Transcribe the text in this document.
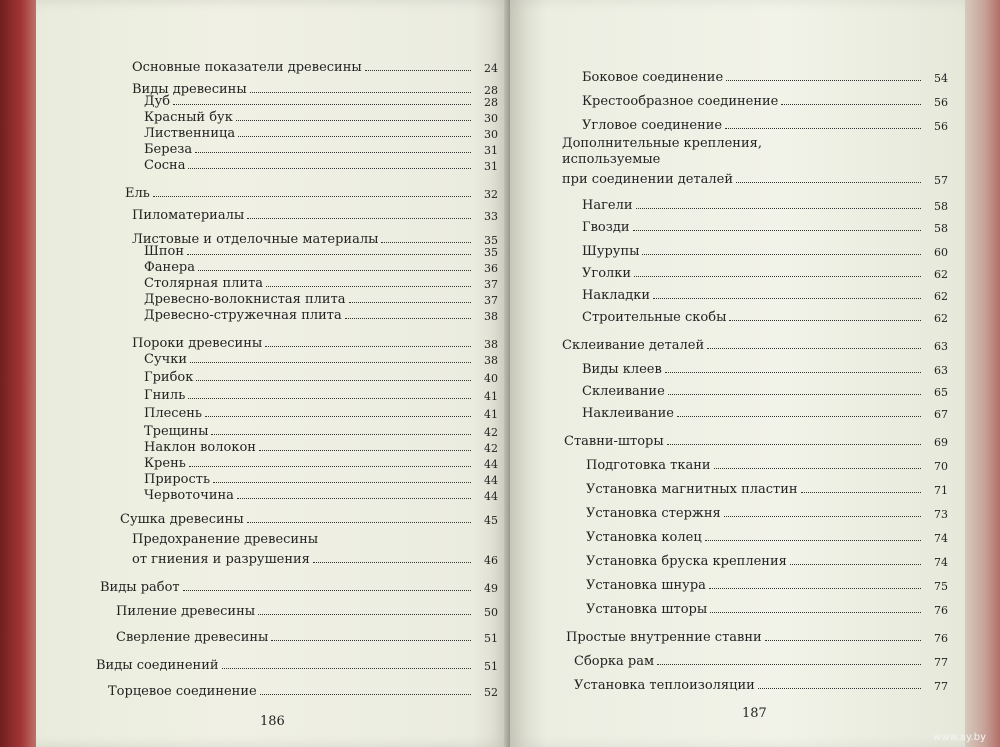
Основные показатели древесины	24
Виды древесины	28
Дуб	28
Красный бук	30
Лиственница	30
Береза	31
Сосна	31
Ель	32
Пиломатериалы	33
Листовые и отделочные материалы	35
Шпон	35
Фанера	36
Столярная плита	37
Древесно-волокнистая плита	37
Древесно-стружечная плита	38
Пороки древесины	38
Сучки	38
Грибок	40
Гниль	41
Плесень	41
Трещины	42
Наклон волокон	42
Крень	44
Прирость	44
Червоточина	44
Сушка древесины	45
Предохранение древесины
от гниения и разрушения	46
Виды работ	49
Пиление древесины	50
Сверление древесины	51
Виды соединений	51
Торцевое соединение	52
186
Боковое соединение	54
Крестообразное соединение	56
Угловое соединение	56
Дополнительные крепления,
используемые
при соединении деталей	57
Нагели	58
Гвозди	58
Шурупы	60
Уголки	62
Накладки	62
Строительные скобы	62
Склеивание деталей	63
Виды клеев	63
Склеивание	65
Наклеивание	67
Ставни-шторы	69
Подготовка ткани	70
Установка магнитных пластин	71
Установка стержня	73
Установка колец	74
Установка бруска крепления	74
Установка шнура	75
Установка шторы	76
Простые внутренние ставни	76
Сборка рам	77
Установка теплоизоляции	77
187
www.ay.by
